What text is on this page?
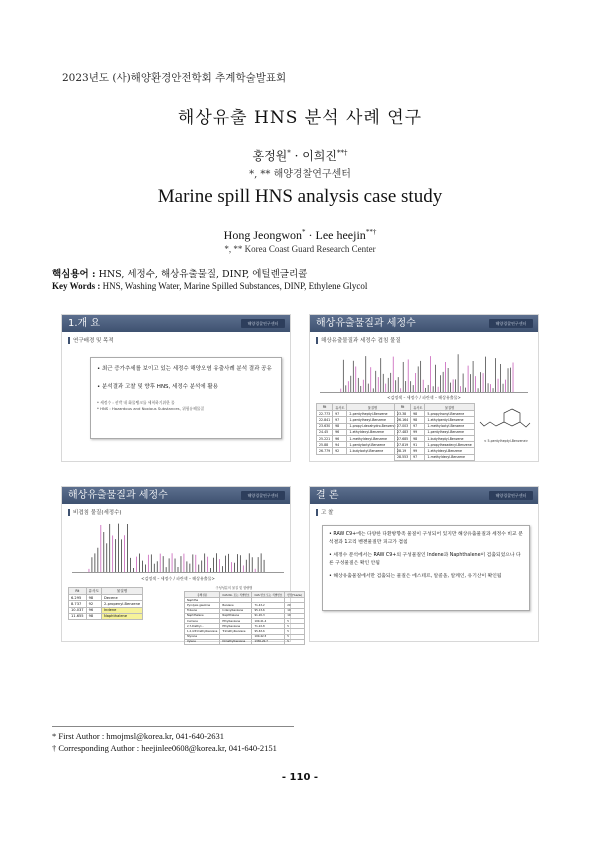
2023년도 (사)해양환경안전학회 추계학술발표회
해상유출 HNS 분석 사례 연구
홍정원* · 이희진**†
*, ** 해양경찰연구센터
Marine spill HNS analysis case study
Hong Jeongwon* · Lee heejin**†
*, ** Korea Coast Guard Research Center
핵심용어 : HNS, 세정수, 해상유출물질, DINP, 에틸렌글리콜
Key Words : HNS, Washing Water, Marine Spilled Substances, DINP, Ethylene Glycol
1.개 요	해양경찰연구센터
연구배경 및 목적
• 최근 증가추세를 보이고 있는 세정수 해양오염 유출사례 분석 결과 공유
• 분석결과 고찰 및 향후 HNS, 세정수 분석에 활용
* 세정수 : 선박 내 화물탱크를 세척하기위한 물
* HNS : Hazardous and Noxious Substances, 위험유해물질
해상유출물질과 세정수	해양경찰연구센터
해상유출물질과 세정수 겹침 물질
<검정색 – 세정수 / 파란색 – 해상유출물>
Rt	유사도	물질명
22.773	97	2-pentylheptyl-Benzene
22.841	97	1-pentylhexyl-Benzene
23.630	98	1-propyl-decahydro-Benzene
24.45	96	1-ethyldecyl-Benzene
25.221	96	1-methyldecyl-Benzene
25.88	94	1-pentyloctyl-Benzene
26.779	92	1-butyloctyl-Benzene
Rt	유사도	물질명
23.38	98	5-propylnonyl-Benzene
26.164	98	1-ethylpentyl-Benzene
27.003	97	1-methyloctyl-Benzene
27.483	99	1-pentylhexyl-Benzene
27.685	98	1-butylheptyl-Benzene
27.819	91	1-propylhexadecyl-Benzene
28.19	99	1-ethyldecyl-Benzene
28.553	97	1-methyldecyl-Benzene
< 5-pentylheptyl-Benzene>
해상유출물질과 세정수	해양경찰연구센터
비겹침 물질(세정수)
<검정색 – 세정수 / 파란색 – 해상유출물>
Rt	유사도	물질명
6.295	98	Decene
8.737	92	2-propenyl-Benzene
10.037	96	Indene
11.655	98	Naphthalene
구성성분의 물질 및 함량범
유해성분	CAS No. 또는 식별번호	CAS 번호 또는 식별번호	함량(%w/w)
Naphtha			
Pyrolysis gasoline	Benzene	71-43-2	20
Toluene	Indenylbenzene	95-13-6	10
Naphthalene	Naphthalene	91-20-3	10
Cumene	Ethylbenzene	100-41-4	5
2,7-Diethyl...	Ethylbenzene	71-22-8	5
1,2,4-Trimethylbenzene	Trimethylbenzene	95-63-6	5
Styrene		100-42-5	5
Xylene	Dimethylbenzene	1330-20-7	5
결 론	해양경찰연구센터
고 찰
• RAW C9+에는 다양한 다환방향족 물질이 구성되어 있지만 해상유출물질과 세정수 비교 분석결과 1고리 벤젠물질만 피크가 겹침
• 세정수 분석에서는 RAW C9+의 구성물질인 Indene과 Naphthalene이 검출되었으나 다른 구성물질은 확인 안됨
• 해상유출물질에서만 검출되는 물질은 에스테르, 알콜올, 알케인, 유기산이 확인됨
* First Author : hmojmsl@korea.kr, 041-640-2631
† Corresponding Author : heejinlee0608@korea.kr, 041-640-2151
- 110 -
